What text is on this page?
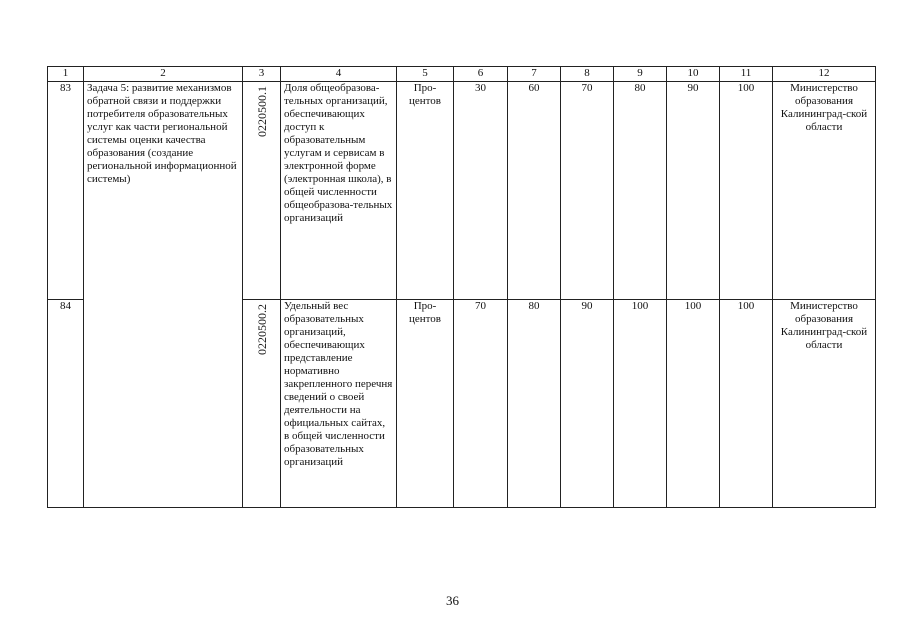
1	2	3	4	5	6	7	8	9	10	11	12
83	Задача 5: развитие механизмов обратной связи и поддержки потребителя образовательных услуг как части региональной системы оценки качества образования (создание региональной информационной системы)	0220500.1	Доля общеобразова-тельных организаций, обеспечивающих доступ к образовательным услугам и сервисам в электронной форме (электронная школа), в общей численности общеобразова-тельных организаций	Про-центов	30	60	70	80	90	100	Министерство образования Калининград-ской области
84		0220500.2	Удельный вес образовательных организаций, обеспечивающих представление нормативно закрепленного перечня сведений о своей деятельности на официальных сайтах, в общей численности образовательных организаций	Про-центов	70	80	90	100	100	100	Министерство образования Калининград-ской области
36
